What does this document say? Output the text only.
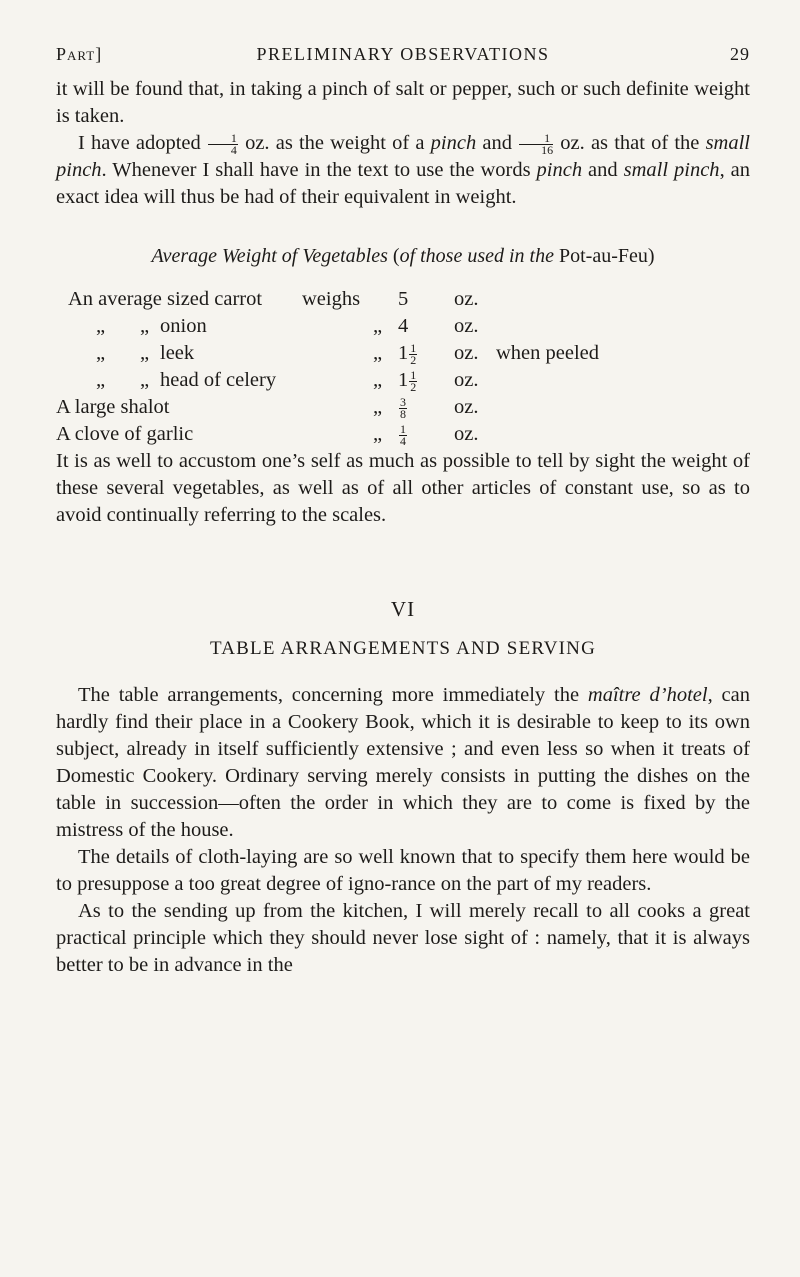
Part]	PRELIMINARY OBSERVATIONS	29

it will be found that, in taking a pinch of salt or pepper, such or such definite weight is taken.

I have adopted $\frac{1}{4}$ oz. as the weight of a pinch and $\frac{1}{16}$ oz. as that of the small pinch. Whenever I shall have in the text to use the words pinch and small pinch, an exact idea will thus be had of their equivalent in weight.

Average Weight of Vegetables (of those used in the Pot-au-Feu)
An average sized carrot weighs 5 oz.
„ „ onion	„ 4 oz.
„ „ leek	„ $1 \frac{1}{2}$ oz. when peeled
„ „ head of celery	„ $1 \frac{1}{2}$ oz.
A large shalot	„ $\frac{3}{8}$ oz.
A clove of garlic	„ $\frac{1}{4}$ oz.

It is as well to accustom one’s self as much as possible to tell by sight the weight of these several vegetables, as well as of all other articles of constant use, so as to avoid continually referring to the scales.

VI
TABLE ARRANGEMENTS AND SERVING

The table arrangements, concerning more immediately the maître d’hotel, can hardly find their place in a Cookery Book, which it is desirable to keep to its own subject, already in itself sufficiently extensive ; and even less so when it treats of Domestic Cookery. Ordinary serving merely consists in putting the dishes on the table in succession—often the order in which they are to come is fixed by the mistress of the house.

The details of cloth-laying are so well known that to specify them here would be to presuppose a too great degree of igno-rance on the part of my readers.

As to the sending up from the kitchen, I will merely recall to all cooks a great practical principle which they should never lose sight of : namely, that it is always better to be in advance in the
